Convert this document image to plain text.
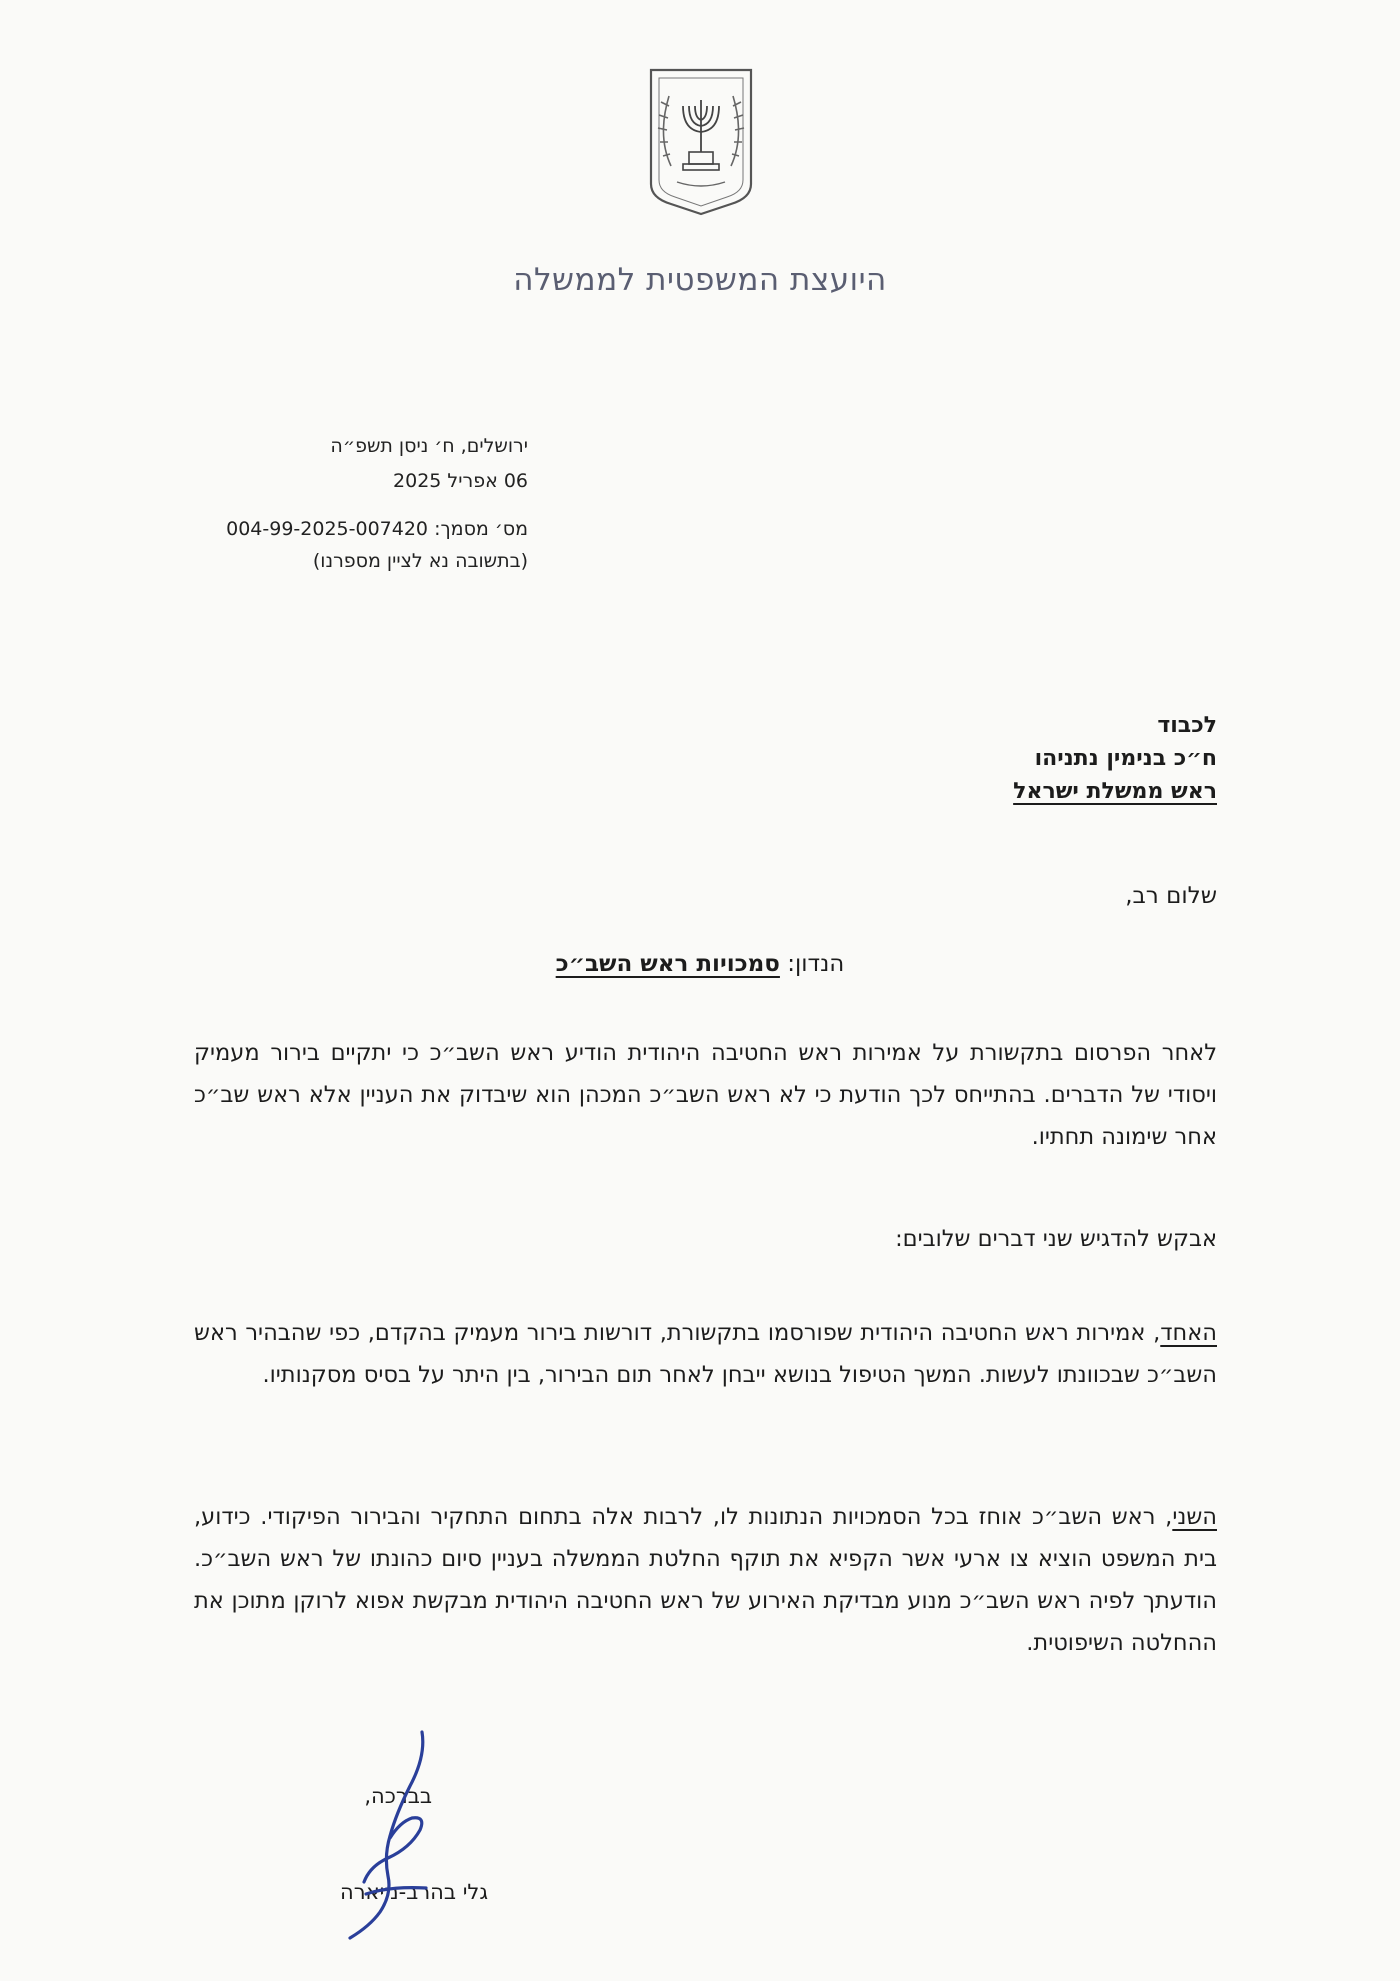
היועצת המשפטית לממשלה
ירושלים, ח׳ ניסן תשפ״ה
06 אפריל 2025
מס׳ מסמך: 004-99-2025-007420
(בתשובה נא לציין מספרנו)
לכבוד
ח״כ בנימין נתניהו
ראש ממשלת ישראל
שלום רב,
הנדון: סמכויות ראש השב״כ
לאחר הפרסום בתקשורת על אמירות ראש החטיבה היהודית הודיע ראש השב״כ כי יתקיים בירור מעמיק ויסודי של הדברים. בהתייחס לכך הודעת כי לא ראש השב״כ המכהן הוא שיבדוק את העניין אלא ראש שב״כ אחר שימונה תחתיו.
אבקש להדגיש שני דברים שלובים:
האחד, אמירות ראש החטיבה היהודית שפורסמו בתקשורת, דורשות בירור מעמיק בהקדם, כפי שהבהיר ראש השב״כ שבכוונתו לעשות. המשך הטיפול בנושא ייבחן לאחר תום הבירור, בין היתר על בסיס מסקנותיו.
השני, ראש השב״כ אוחז בכל הסמכויות הנתונות לו, לרבות אלה בתחום התחקיר והבירור הפיקודי. כידוע, בית המשפט הוציא צו ארעי אשר הקפיא את תוקף החלטת הממשלה בעניין סיום כהונתו של ראש השב״כ. הודעתך לפיה ראש השב״כ מנוע מבדיקת האירוע של ראש החטיבה היהודית מבקשת אפוא לרוקן מתוכן את ההחלטה השיפוטית.
בברכה,
גלי בהרב-מיארה
